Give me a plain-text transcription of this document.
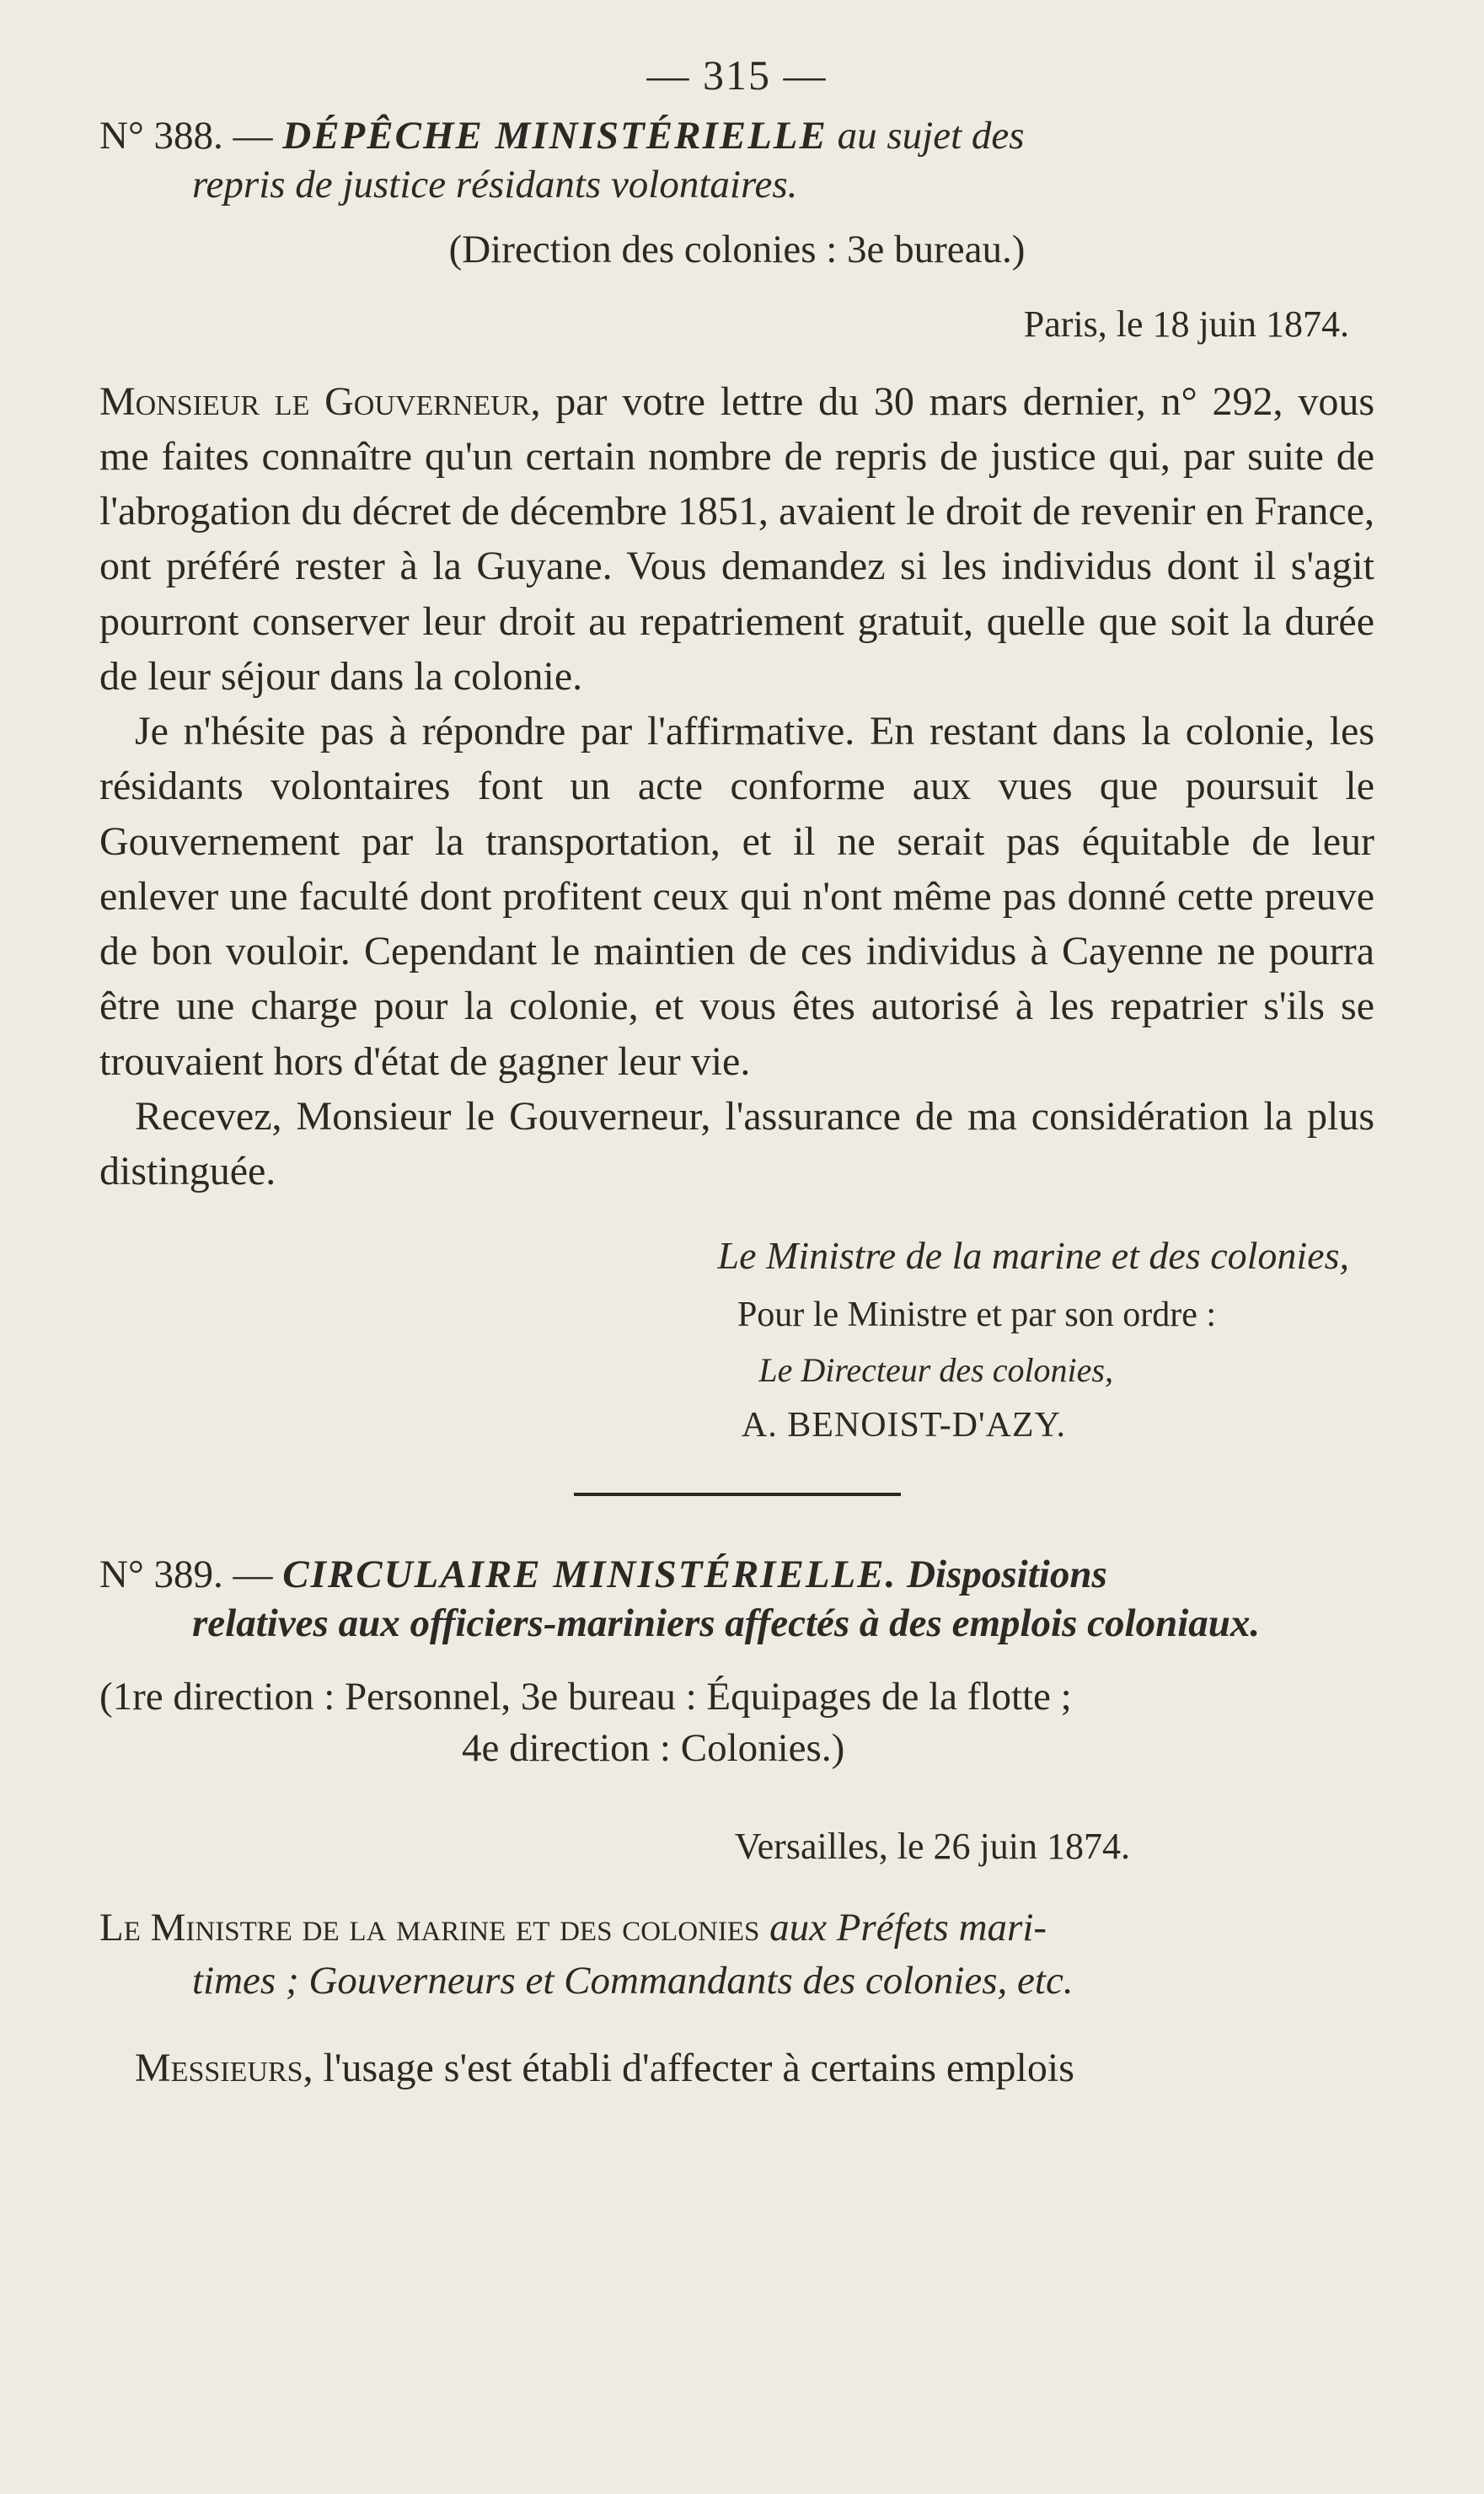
— 315 —
N° 388. — DÉPÊCHE MINISTÉRIELLE au sujet des
repris de justice résidants volontaires.
(Direction des colonies : 3e bureau.)
Paris, le 18 juin 1874.

Monsieur le Gouverneur, par votre lettre du 30 mars dernier, n° 292, vous me faites connaître qu'un certain nombre de repris de justice qui, par suite de l'abrogation du décret de décembre 1851, avaient le droit de revenir en France, ont préféré rester à la Guyane. Vous demandez si les individus dont il s'agit pourront conserver leur droit au repatriement gratuit, quelle que soit la durée de leur séjour dans la colonie.

Je n'hésite pas à répondre par l'affirmative. En restant dans la colonie, les résidants volontaires font un acte conforme aux vues que poursuit le Gouvernement par la transportation, et il ne serait pas équitable de leur enlever une faculté dont profitent ceux qui n'ont même pas donné cette preuve de bon vouloir. Cependant le maintien de ces individus à Cayenne ne pourra être une charge pour la colonie, et vous êtes autorisé à les repatrier s'ils se trouvaient hors d'état de gagner leur vie.

Recevez, Monsieur le Gouverneur, l'assurance de ma considération la plus distinguée.

Le Ministre de la marine et des colonies,
Pour le Ministre et par son ordre :
Le Directeur des colonies,
A. BENOIST-D'AZY.
N° 389. — CIRCULAIRE MINISTÉRIELLE. Dispositions
relatives aux officiers-mariniers affectés à des emplois coloniaux.
(1re direction : Personnel, 3e bureau : Équipages de la flotte ;
4e direction : Colonies.)
Versailles, le 26 juin 1874.
Le Ministre de la marine et des colonies aux Préfets mari-
times ; Gouverneurs et Commandants des colonies, etc.
Messieurs, l'usage s'est établi d'affecter à certains emplois
